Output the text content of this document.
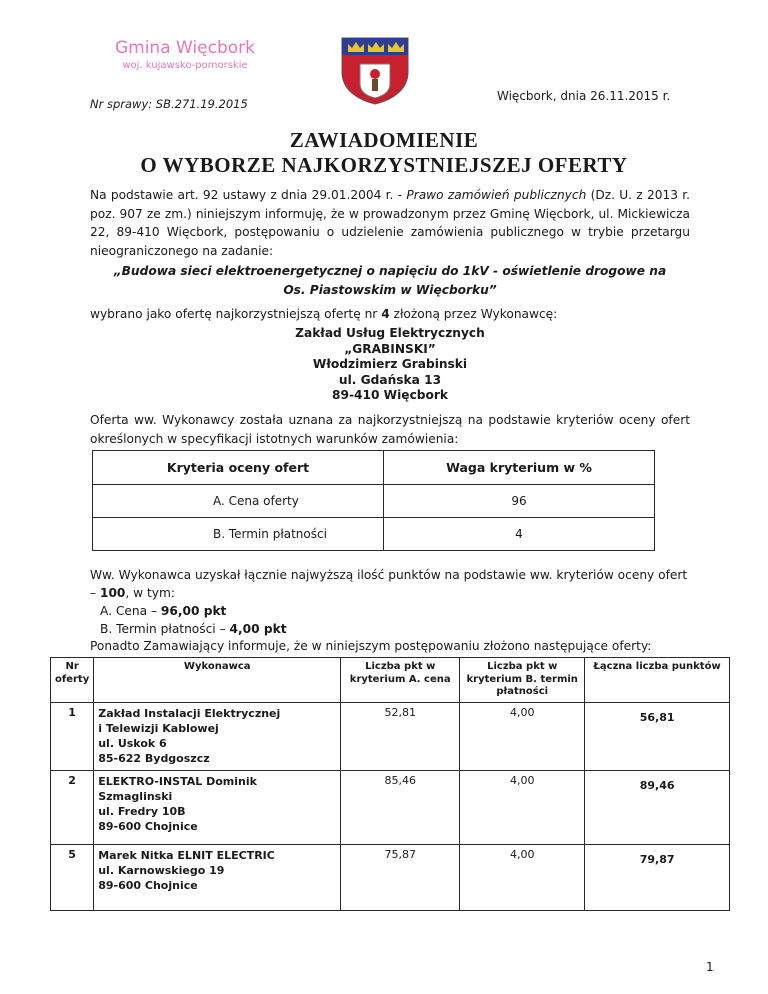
Gmina Więcbork
woj. kujawsko-pomorskie
Nr sprawy: SB.271.19.2015
Więcbork, dnia 26.11.2015 r.
ZAWIADOMIENIE
O WYBORZE NAJKORZYSTNIEJSZEJ OFERTY
Na podstawie art. 92 ustawy z dnia 29.01.2004 r. - Prawo zamówień publicznych (Dz. U. z 2013 r. poz. 907 ze zm.) niniejszym informuję, że w prowadzonym przez Gminę Więcbork, ul. Mickiewicza 22, 89-410 Więcbork, postępowaniu o udzielenie zamówienia publicznego w trybie przetargu nieograniczonego na zadanie:
„Budowa sieci elektroenergetycznej o napięciu do 1kV - oświetlenie drogowe na Os. Piastowskim w Więcborku”
wybrano jako ofertę najkorzystniejszą ofertę nr 4 złożoną przez Wykonawcę:
Zakład Usług Elektrycznych
„GRABINSKI”
Włodzimierz Grabinski
ul. Gdańska 13
89-410 Więcbork
Oferta ww. Wykonawcy została uznana za najkorzystniejszą na podstawie kryteriów oceny ofert określonych w specyfikacji istotnych warunków zamówienia:
Kryteria oceny ofert	Waga kryterium w %
A. Cena oferty	96
B. Termin płatności	4
Ww. Wykonawca uzyskał łącznie najwyższą ilość punktów na podstawie ww. kryteriów oceny ofert – 100, w tym:
A. Cena – 96,00 pkt
B. Termin płatności – 4,00 pkt
Ponadto Zamawiający informuje, że w niniejszym postępowaniu złożono następujące oferty:
Nr oferty	Wykonawca	Liczba pkt w kryterium A. cena	Liczba pkt w kryterium B. termin płatności	Łączna liczba punktów
1	Zakład Instalacji Elektrycznej
i Telewizji Kablowej
ul. Uskok 6
85-622 Bydgoszcz	52,81	4,00	56,81
2	ELEKTRO-INSTAL Dominik
Szmaglinski
ul. Fredry 10B
89-600 Chojnice	85,46	4,00	89,46
5	Marek Nitka ELNIT ELECTRIC
ul. Karnowskiego 19
89-600 Chojnice	75,87	4,00	79,87
1
